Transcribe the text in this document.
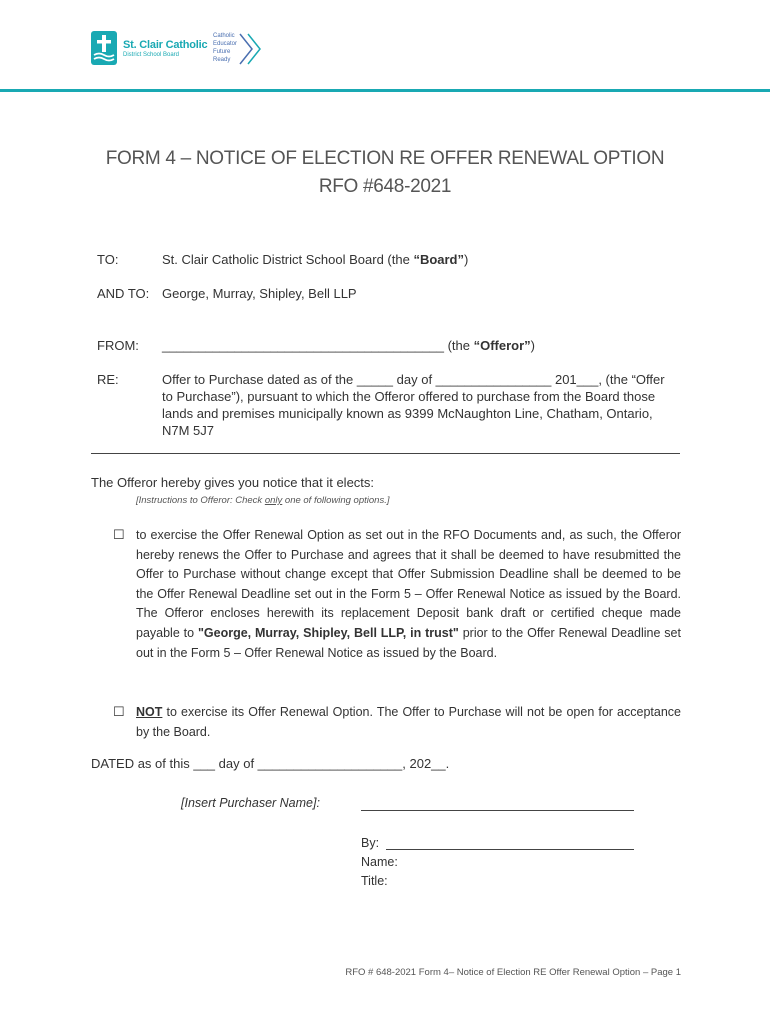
St. Clair Catholic
District School Board
Catholic
Educator
Future
Ready
FORM 4 – NOTICE OF ELECTION RE OFFER RENEWAL OPTION
RFO #648-2021
TO:	St. Clair Catholic District School Board (the “Board”)
AND TO: George, Murray, Shipley, Bell LLP
FROM:	_______________________________________ (the “Offeror”)
RE:	Offer to Purchase dated as of the _____ day of ________________ 201___, (the “Offer to Purchase”), pursuant to which the Offeror offered to purchase from the Board those lands and premises municipally known as 9399 McNaughton Line, Chatham, Ontario, N7M 5J7
The Offeror hereby gives you notice that it elects:
[Instructions to Offeror: Check only one of following options.]
☐ to exercise the Offer Renewal Option as set out in the RFO Documents and, as such, the Offeror hereby renews the Offer to Purchase and agrees that it shall be deemed to have resubmitted the Offer to Purchase without change except that Offer Submission Deadline shall be deemed to be the Offer Renewal Deadline set out in the Form 5 – Offer Renewal Notice as issued by the Board. The Offeror encloses herewith its replacement Deposit bank draft or certified cheque made payable to "George, Murray, Shipley, Bell LLP, in trust" prior to the Offer Renewal Deadline set out in the Form 5 – Offer Renewal Notice as issued by the Board.
☐ NOT to exercise its Offer Renewal Option. The Offer to Purchase will not be open for acceptance by the Board.
DATED as of this ___ day of ____________________, 202__.
[Insert Purchaser Name]:
By:
Name:
Title:
RFO # 648-2021 Form 4– Notice of Election RE Offer Renewal Option – Page 1
